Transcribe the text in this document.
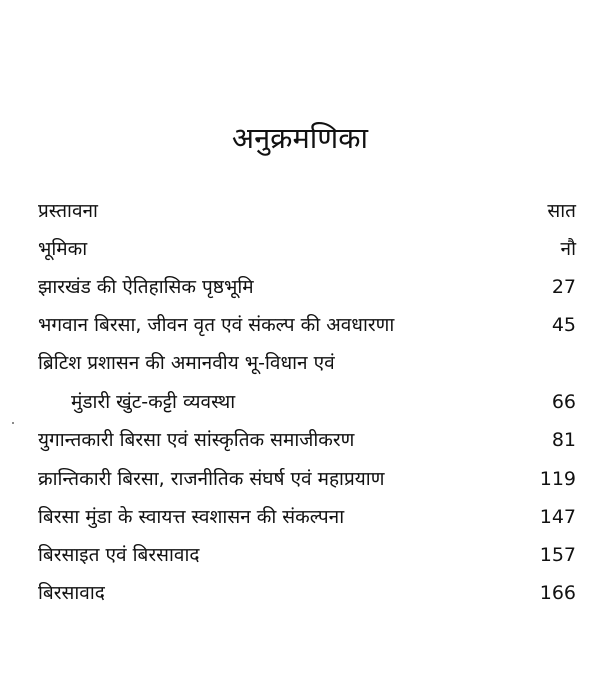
अनुक्रमणिका
प्रस्तावना	सात
भूमिका	नौ
झारखंड की ऐतिहासिक पृष्ठभूमि	27
भगवान बिरसा, जीवन वृत एवं संकल्प की अवधारणा	45
ब्रिटिश प्रशासन की अमानवीय भू-विधान एवं
मुंडारी खुंट-कट्टी व्यवस्था	66
युगान्तकारी बिरसा एवं सांस्कृतिक समाजीकरण	81
क्रान्तिकारी बिरसा, राजनीतिक संघर्ष एवं महाप्रयाण	119
बिरसा मुंडा के स्वायत्त स्वशासन की संकल्पना	147
बिरसाइत एवं बिरसावाद	157
बिरसावाद	166
